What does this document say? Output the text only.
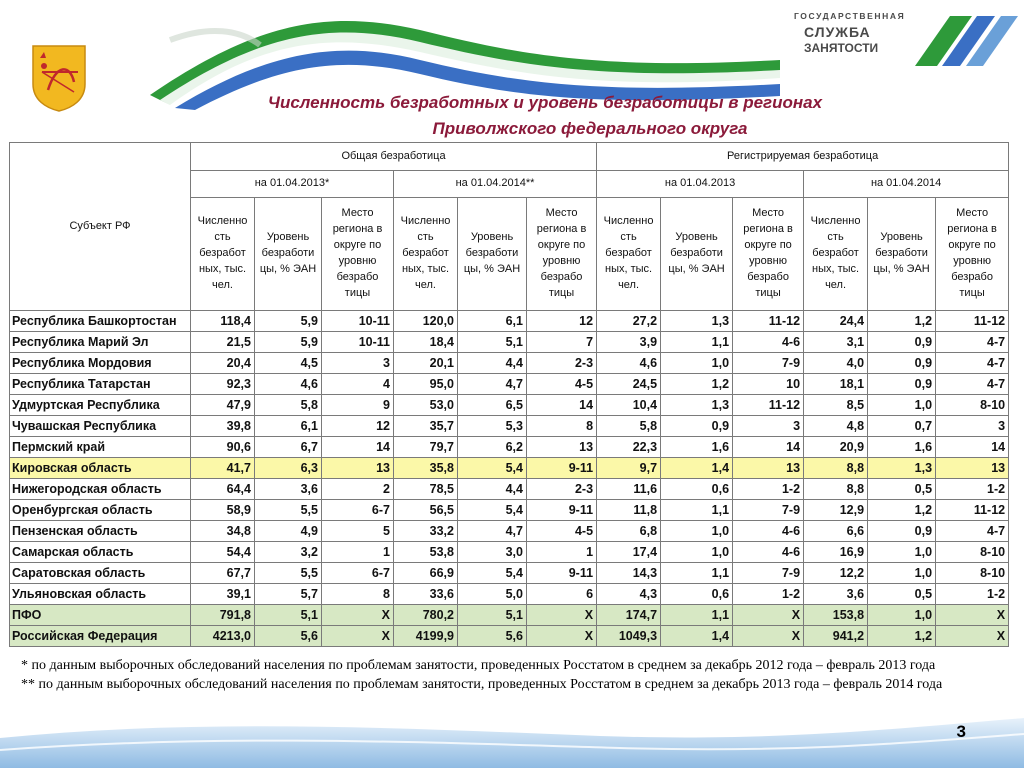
ГОСУДАРСТВЕННАЯ
СЛУЖБА
ЗАНЯТОСТИ
Численность безработных и уровень безработицы в регионах
Приволжского федерального округа
Субъект РФ	Общая безработица						Регистрируемая безработица					
	на 01.04.2013*			на 01.04.2014**			на 01.04.2013			на 01.04.2014		
	Численно сть безработ ных, тыс. чел.	Уровень безработи цы, % ЭАН	Место региона в округе по уровню безрабо тицы	Численно сть безработ ных, тыс. чел.	Уровень безработи цы, % ЭАН	Место региона в округе по уровню безрабо тицы	Численно сть безработ ных, тыс. чел.	Уровень безработи цы, % ЭАН	Место региона в округе по уровню безрабо тицы	Численно сть безработ ных, тыс. чел.	Уровень безработи цы, % ЭАН	Место региона в округе по уровню безрабо тицы
Республика Башкортостан	118,4	5,9	10-11	120,0	6,1	12	27,2	1,3	11-12	24,4	1,2	11-12
Республика Марий Эл	21,5	5,9	10-11	18,4	5,1	7	3,9	1,1	4-6	3,1	0,9	4-7
Республика Мордовия	20,4	4,5	3	20,1	4,4	2-3	4,6	1,0	7-9	4,0	0,9	4-7
Республика Татарстан	92,3	4,6	4	95,0	4,7	4-5	24,5	1,2	10	18,1	0,9	4-7
Удмуртская Республика	47,9	5,8	9	53,0	6,5	14	10,4	1,3	11-12	8,5	1,0	8-10
Чувашская Республика	39,8	6,1	12	35,7	5,3	8	5,8	0,9	3	4,8	0,7	3
Пермский край	90,6	6,7	14	79,7	6,2	13	22,3	1,6	14	20,9	1,6	14
Кировская область	41,7	6,3	13	35,8	5,4	9-11	9,7	1,4	13	8,8	1,3	13
Нижегородская область	64,4	3,6	2	78,5	4,4	2-3	11,6	0,6	1-2	8,8	0,5	1-2
Оренбургская область	58,9	5,5	6-7	56,5	5,4	9-11	11,8	1,1	7-9	12,9	1,2	11-12
Пензенская область	34,8	4,9	5	33,2	4,7	4-5	6,8	1,0	4-6	6,6	0,9	4-7
Самарская область	54,4	3,2	1	53,8	3,0	1	17,4	1,0	4-6	16,9	1,0	8-10
Саратовская область	67,7	5,5	6-7	66,9	5,4	9-11	14,3	1,1	7-9	12,2	1,0	8-10
Ульяновская область	39,1	5,7	8	33,6	5,0	6	4,3	0,6	1-2	3,6	0,5	1-2
ПФО	791,8	5,1	X	780,2	5,1	X	174,7	1,1	X	153,8	1,0	X
Российская Федерация	4213,0	5,6	X	4199,9	5,6	X	1049,3	1,4	X	941,2	1,2	X

* по данным выборочных обследований населения по проблемам занятости, проведенных Росстатом в среднем за декабрь 2012 года – февраль 2013 года

** по данным выборочных обследований населения по проблемам занятости, проведенных Росстатом в среднем за декабрь 2013 года – февраль 2014 года

3
